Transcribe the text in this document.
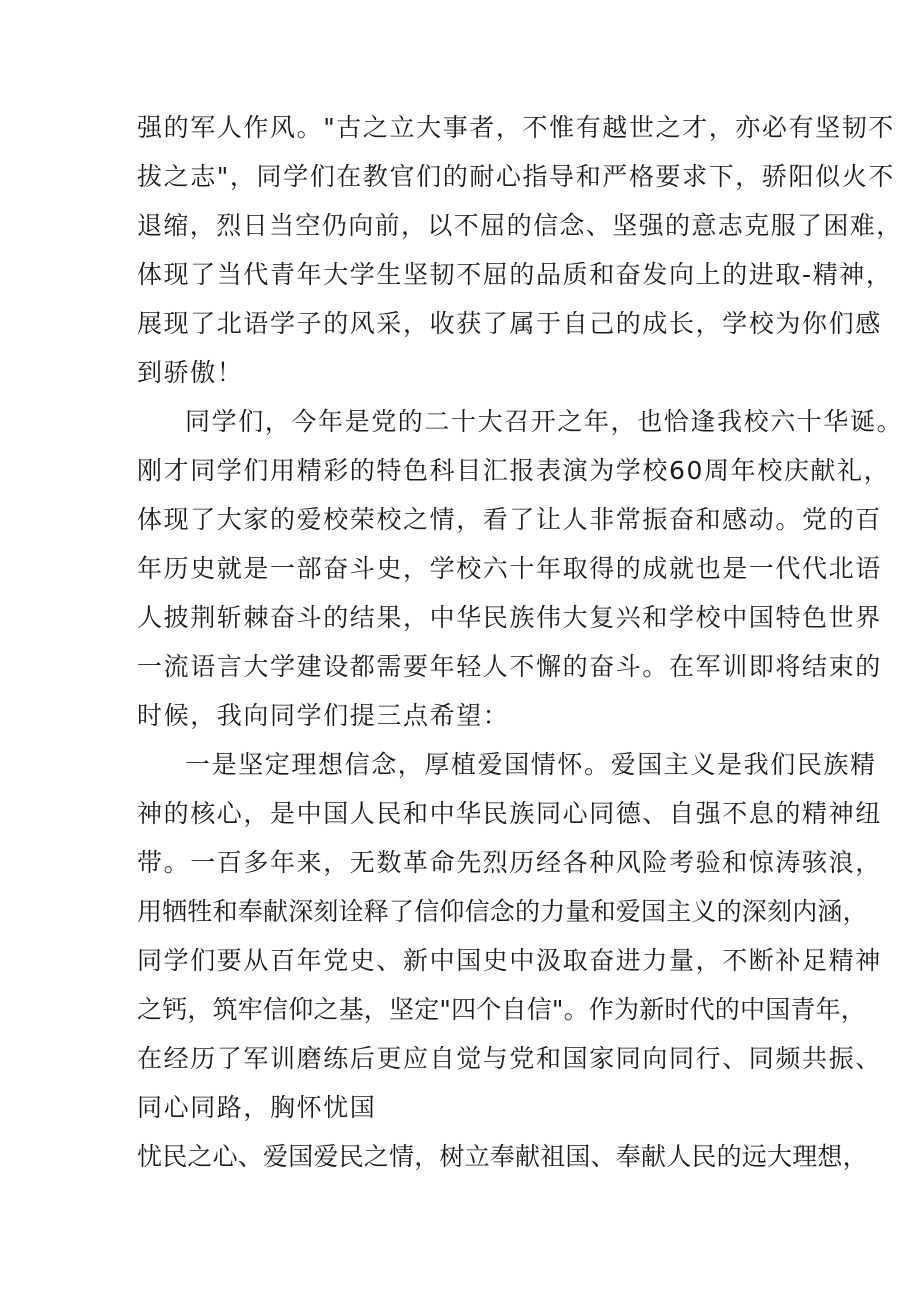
强的军人作风。"古之立大事者，不惟有越世之才，亦必有坚韧不
拔之志"，同学们在教官们的耐心指导和严格要求下，骄阳似火不
退缩，烈日当空仍向前，以不屈的信念、坚强的意志克服了困难，
体现了当代青年大学生坚韧不屈的品质和奋发向上的进取-精神，
展现了北语学子的风采，收获了属于自己的成长，学校为你们感
到骄傲！
同学们，今年是党的二十大召开之年，也恰逢我校六十华诞。
刚才同学们用精彩的特色科目汇报表演为学校60周年校庆献礼，
体现了大家的爱校荣校之情，看了让人非常振奋和感动。党的百
年历史就是一部奋斗史，学校六十年取得的成就也是一代代北语
人披荆斩棘奋斗的结果，中华民族伟大复兴和学校中国特色世界
一流语言大学建设都需要年轻人不懈的奋斗。在军训即将结束的
时候，我向同学们提三点希望：
一是坚定理想信念，厚植爱国情怀。爱国主义是我们民族精
神的核心，是中国人民和中华民族同心同德、自强不息的精神纽
带。一百多年来，无数革命先烈历经各种风险考验和惊涛骇浪，
用牺牲和奉献深刻诠释了信仰信念的力量和爱国主义的深刻内涵，
同学们要从百年党史、新中国史中汲取奋进力量，不断补足精神
之钙，筑牢信仰之基，坚定"四个自信"。作为新时代的中国青年，
在经历了军训磨练后更应自觉与党和国家同向同行、同频共振、
同心同路，胸怀忧国
忧民之心、爱国爱民之情，树立奉献祖国、奉献人民的远大理想，
